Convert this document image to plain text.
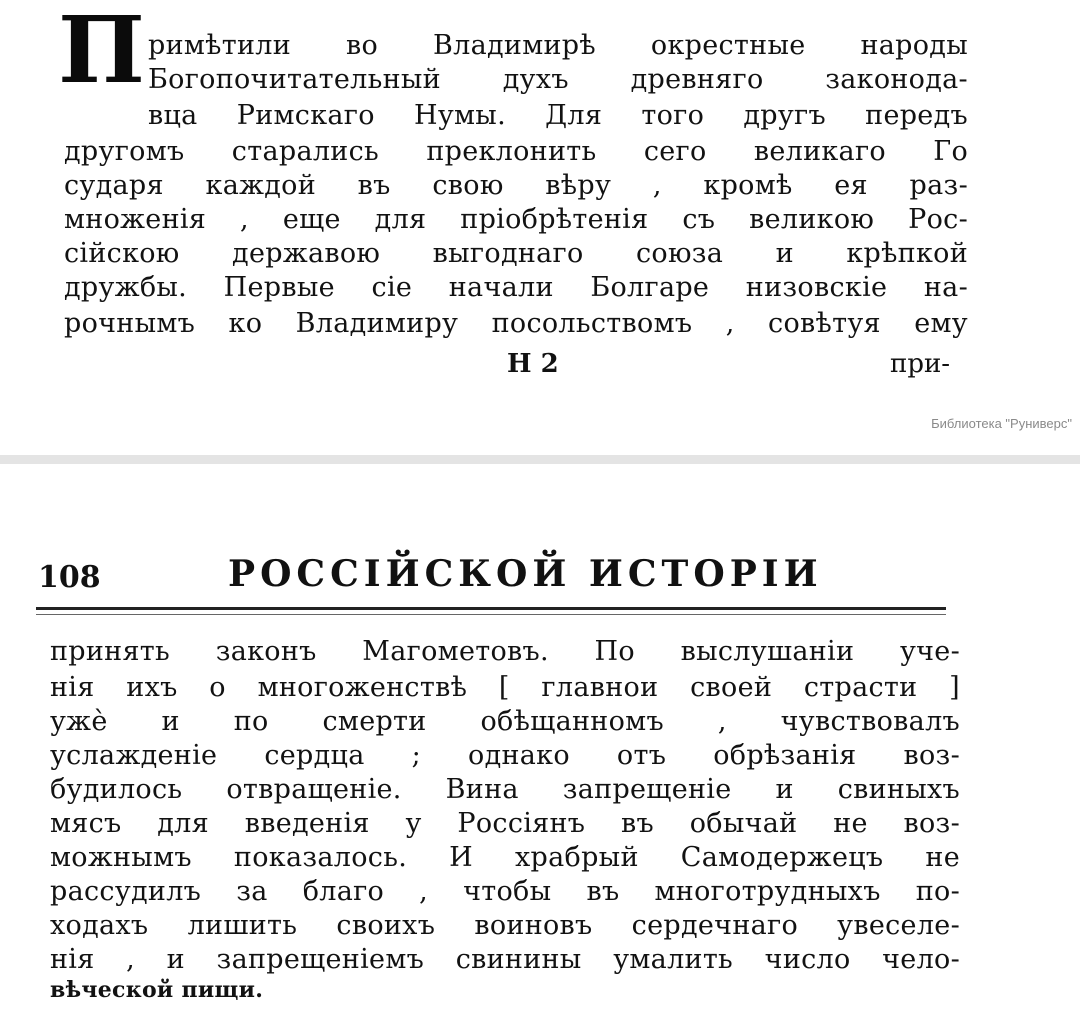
П римѣтили во Владимирѣ окрестные народы
Богопочитательный духъ древняго законода-
вца Римскаго Нумы. Для того другъ передъ
другомъ старались преклонить сего великаго Го
сударя каждой въ свою вѣру , кромѣ ея раз-
множенія , еще для пріобрѣтенія съ великою Рос-
сійскою державою выгоднаго союза и крѣпкой
дружбы. Первые сіе начали Болгаре низовскіе на-
рочнымъ ко Владимиру посольствомъ , совѣтуя ему
Н 2	при-
Библиотека "Руниверс"
108	РОССІЙСКОЙ ИСТОРІИ
принять законъ Магометовъ. По выслушаніи уче-
нія ихъ о многоженствѣ [ главнои своей страсти ]
ужѐ и по смерти обѣщанномъ , чувствовалъ
услажденіе сердца ; однако отъ обрѣзанія воз-
будилось отвращеніе. Вина запрещеніе и свиныхъ
мясъ для введенія у Россіянъ въ обычай не воз-
можнымъ показалось. И храбрый Самодержецъ не
рассудилъ за благо , чтобы въ многотрудныхъ по-
ходахъ лишить своихъ воиновъ сердечнаго увеселе-
нія , и запрещеніемъ свинины умалить число чело-
вѣческой пищи.
